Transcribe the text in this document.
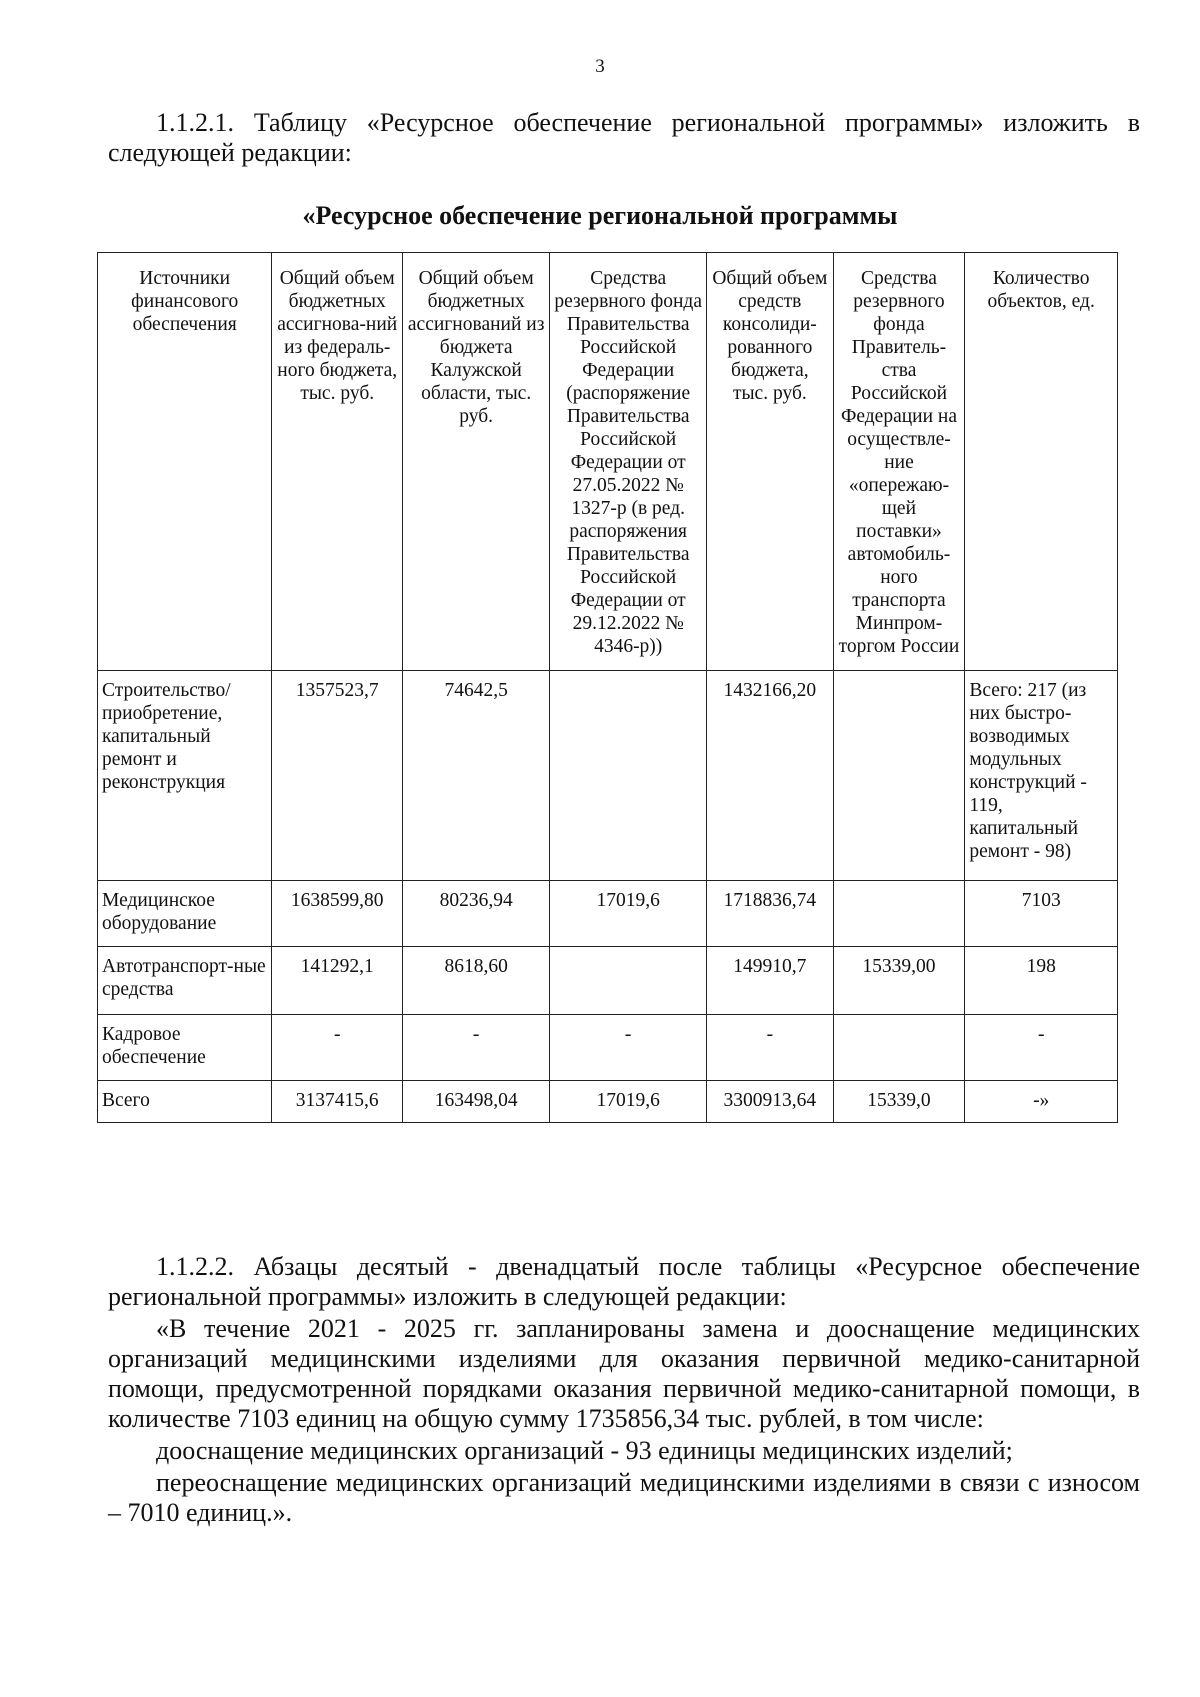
3

1.1.2.1. Таблицу «Ресурсное обеспечение региональной программы» изложить в следующей редакции:

«Ресурсное обеспечение региональной программы
Источники финансового обеспечения	Общий объем бюджетных ассигнова-ний из федераль-ного бюджета, тыс. руб.	Общий объем бюджетных ассигнований из бюджета Калужской области, тыс. руб.	Средства резервного фонда Правительства Российской Федерации (распоряжение Правительства Российской Федерации от 27.05.2022 № 1327-р (в ред. распоряжения Правительства Российской Федерации от 29.12.2022 № 4346-р))	Общий объем средств консолиди-рованного бюджета, тыс. руб.	Средства резервного фонда Правитель-ства Российской Федерации на осуществле-ние «опережаю-щей поставки» автомобиль-ного транспорта Минпром-торгом России	Количество объектов, ед.
Строительство/ приобретение, капитальный ремонт и реконструкция	1357523,7	74642,5		1432166,20		Всего: 217 (из них быстро-возводимых модульных конструкций - 119, капитальный ремонт - 98)
Медицинское оборудование	1638599,80	80236,94	17019,6	1718836,74		7103
Автотранспорт-ные средства	141292,1	8618,60		149910,7	15339,00	198
Кадровое обеспечение	-	-	-	-		-
Всего	3137415,6	163498,04	17019,6	3300913,64	15339,0	-»

1.1.2.2. Абзацы десятый - двенадцатый после таблицы «Ресурсное обеспечение региональной программы» изложить в следующей редакции:

«В течение 2021 - 2025 гг. запланированы замена и дооснащение медицинских организаций медицинскими изделиями для оказания первичной медико-санитарной помощи, предусмотренной порядками оказания первичной медико-санитарной помощи, в количестве 7103 единиц на общую сумму 1735856,34 тыс. рублей, в том числе:

дооснащение медицинских организаций - 93 единицы медицинских изделий;

переоснащение медицинских организаций медицинскими изделиями в связи с износом – 7010 единиц.».
